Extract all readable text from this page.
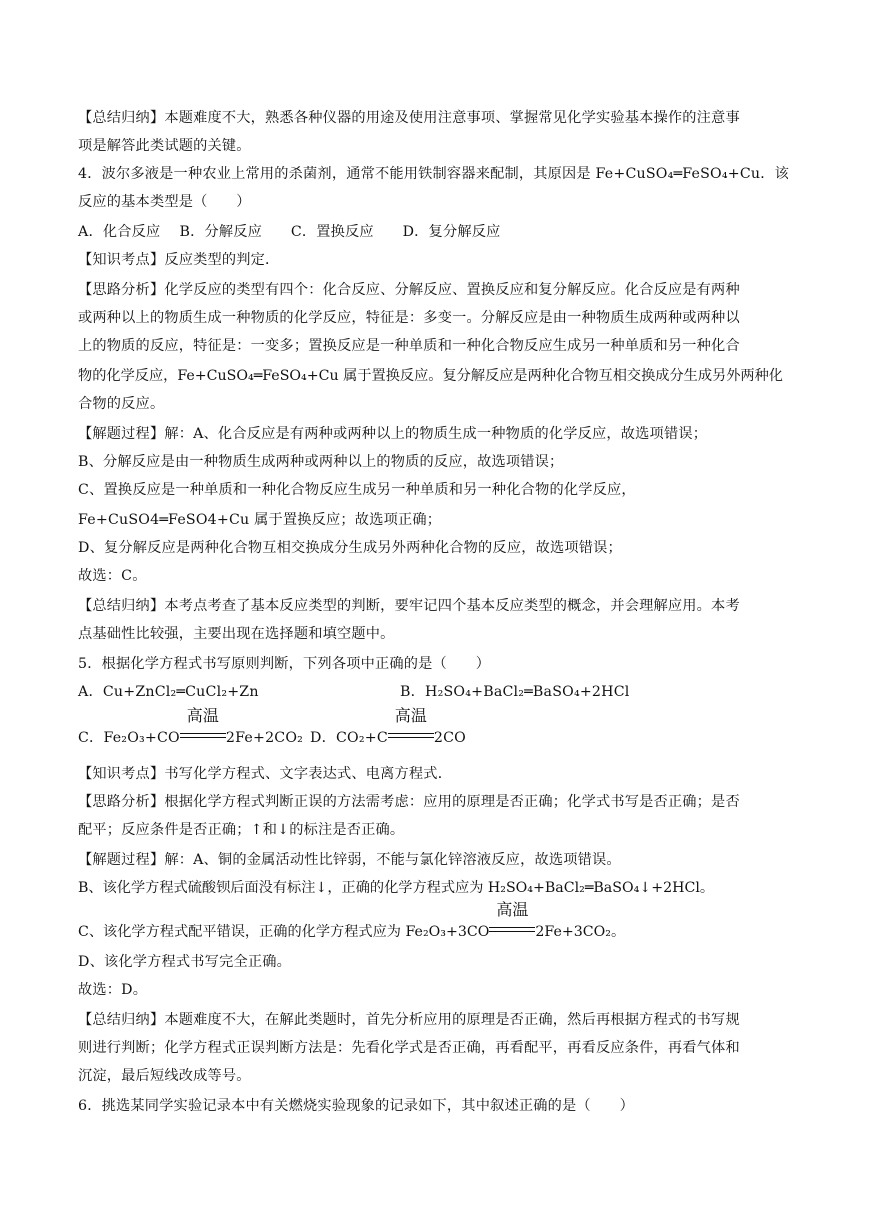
【总结归纳】本题难度不大，熟悉各种仪器的用途及使用注意事项、掌握常见化学实验基本操作的注意事
项是解答此类试题的关键。
4．波尔多液是一种农业上常用的杀菌剂，通常不能用铁制容器来配制，其原因是 Fe+CuSO₄═FeSO₄+Cu．该
反应的基本类型是（　　）
A．化合反应　 B．分解反应　　C．置换反应　　D．复分解反应
【知识考点】反应类型的判定．
【思路分析】化学反应的类型有四个：化合反应、分解反应、置换反应和复分解反应。化合反应是有两种
或两种以上的物质生成一种物质的化学反应，特征是：多变一。分解反应是由一种物质生成两种或两种以
上的物质的反应，特征是：一变多；置换反应是一种单质和一种化合物反应生成另一种单质和另一种化合
物的化学反应，Fe+CuSO₄═FeSO₄+Cu 属于置换反应。复分解反应是两种化合物互相交换成分生成另外两种化
合物的反应。
【解题过程】解：A、化合反应是有两种或两种以上的物质生成一种物质的化学反应，故选项错误；
B、分解反应是由一种物质生成两种或两种以上的物质的反应，故选项错误；
C、置换反应是一种单质和一种化合物反应生成另一种单质和另一种化合物的化学反应，
Fe+CuSO4═FeSO4+Cu 属于置换反应；故选项正确；
D、复分解反应是两种化合物互相交换成分生成另外两种化合物的反应，故选项错误；
故选：C。
【总结归纳】本考点考查了基本反应类型的判断，要牢记四个基本反应类型的概念，并会理解应用。本考
点基础性比较强，主要出现在选择题和填空题中。
5．根据化学方程式书写原则判断，下列各项中正确的是（　　）
A．Cu+ZnCl₂═CuCl₂+Zn	B．H₂SO₄+BaCl₂═BaSO₄+2HCl
C．Fe₂O₃+CO
高温
2Fe+2CO₂ D．CO₂+C
高温
2CO
【知识考点】书写化学方程式、文字表达式、电离方程式．
【思路分析】根据化学方程式判断正误的方法需考虑：应用的原理是否正确；化学式书写是否正确；是否
配平；反应条件是否正确；↑和↓的标注是否正确。
【解题过程】解：A、铜的金属活动性比锌弱，不能与氯化锌溶液反应，故选项错误。
B、该化学方程式硫酸钡后面没有标注↓，正确的化学方程式应为 H₂SO₄+BaCl₂═BaSO₄↓+2HCl。
C、该化学方程式配平错误，正确的化学方程式应为 Fe₂O₃+3CO
高温
2Fe+3CO₂。
D、该化学方程式书写完全正确。
故选：D。
【总结归纳】本题难度不大，在解此类题时，首先分析应用的原理是否正确，然后再根据方程式的书写规
则进行判断；化学方程式正误判断方法是：先看化学式是否正确，再看配平，再看反应条件，再看气体和
沉淀，最后短线改成等号。
6．挑选某同学实验记录本中有关燃烧实验现象的记录如下，其中叙述正确的是（　　）
